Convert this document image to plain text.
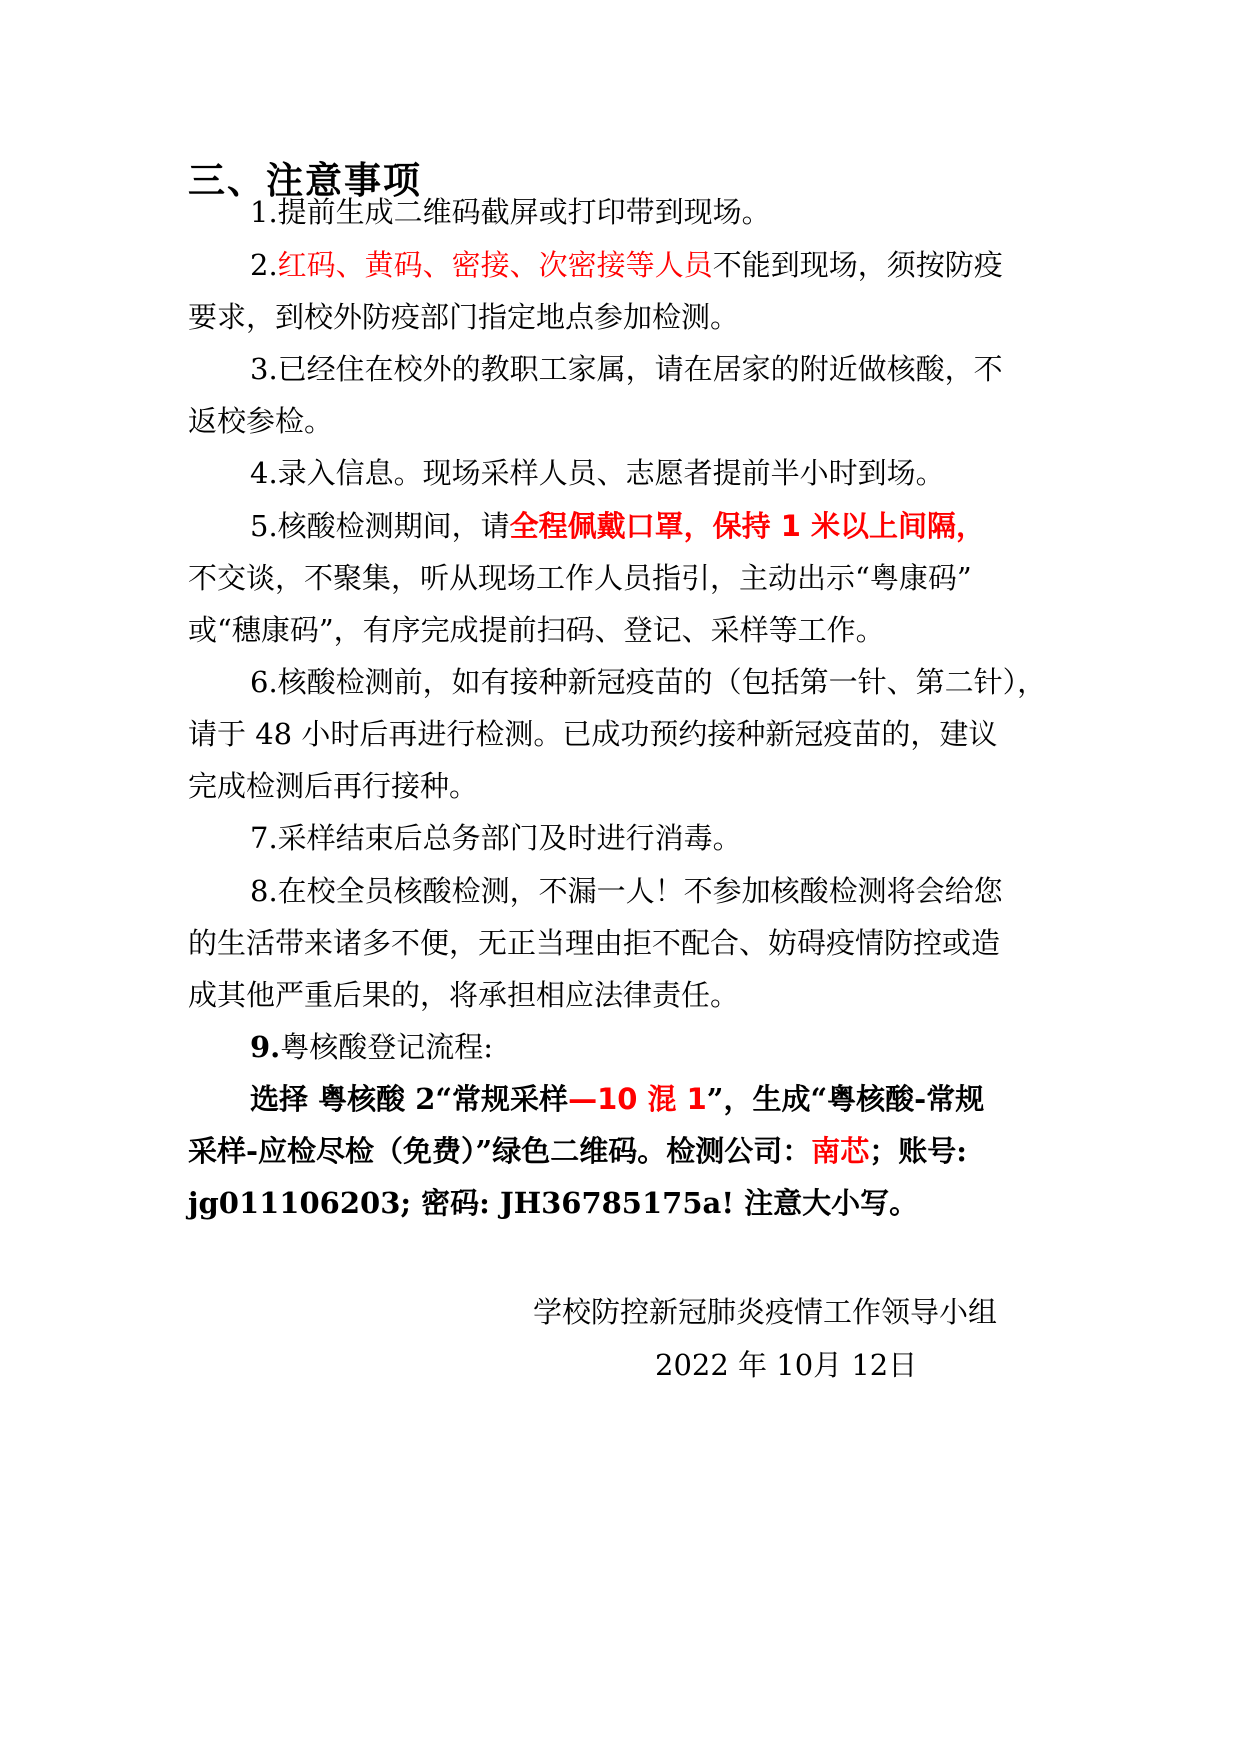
三、注意事项
1.提前生成二维码截屏或打印带到现场。
2.红码、黄码、密接、次密接等人员不能到现场，须按防疫
要求，到校外防疫部门指定地点参加检测。
3.已经住在校外的教职工家属，请在居家的附近做核酸，不
返校参检。
4.录入信息。现场采样人员、志愿者提前半小时到场。
5.核酸检测期间，请全程佩戴口罩，保持 1 米以上间隔，
不交谈，不聚集，听从现场工作人员指引，主动出示“粤康码”
或“穗康码”，有序完成提前扫码、登记、采样等工作。
6.核酸检测前，如有接种新冠疫苗的（包括第一针、第二针），
请于 48 小时后再进行检测。已成功预约接种新冠疫苗的，建议
完成检测后再行接种。
7.采样结束后总务部门及时进行消毒。
8.在校全员核酸检测，不漏一人！不参加核酸检测将会给您
的生活带来诸多不便，无正当理由拒不配合、妨碍疫情防控或造
成其他严重后果的，将承担相应法律责任。
9.粤核酸登记流程:
选择 粤核酸 2“常规采样—10 混 1”，生成“粤核酸-常规
采样-应检尽检（免费）”绿色二维码。检测公司：南芯；账号:
jg011106203; 密码: JH36785175a! 注意大小写。
学校防控新冠肺炎疫情工作领导小组
2022 年 10月 12日
